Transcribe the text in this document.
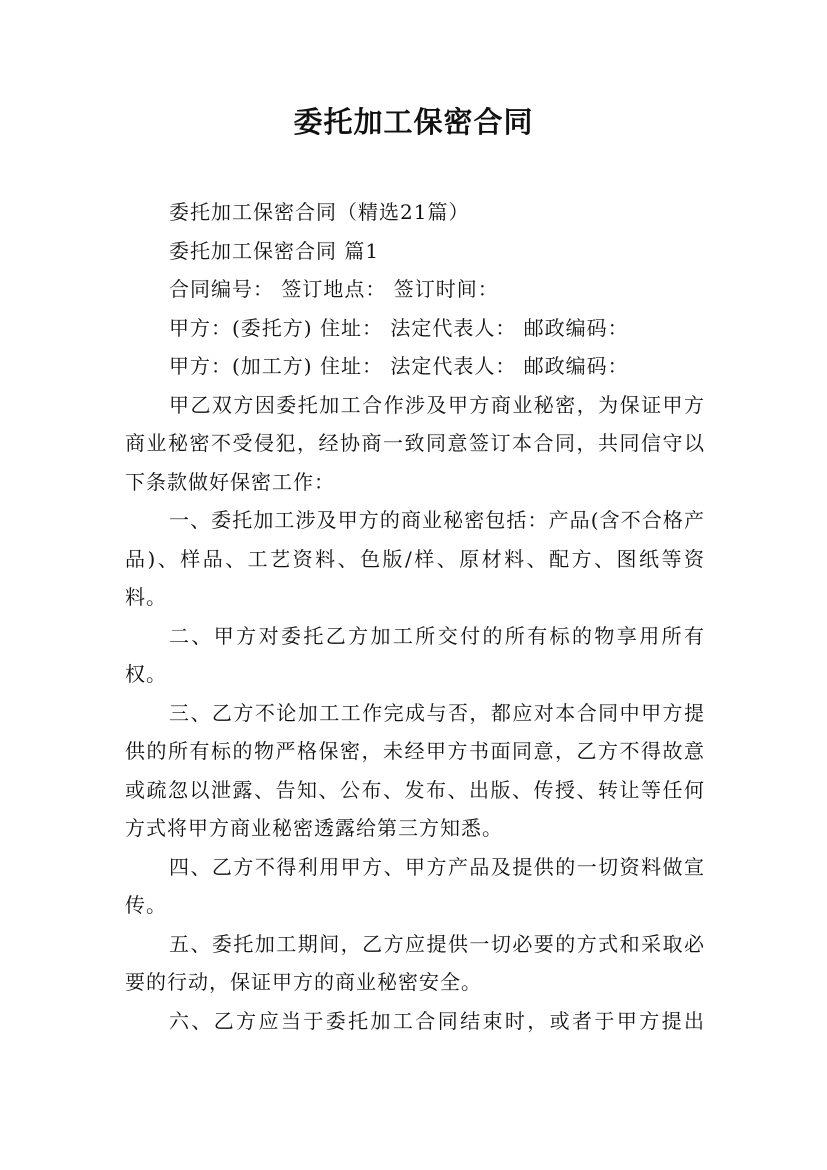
委托加工保密合同

委托加工保密合同（精选21篇）

委托加工保密合同 篇1

合同编号： 签订地点： 签订时间：

甲方：(委托方) 住址： 法定代表人： 邮政编码：

甲方：(加工方) 住址： 法定代表人： 邮政编码：

甲乙双方因委托加工合作涉及甲方商业秘密，为保证甲方商业秘密不受侵犯，经协商一致同意签订本合同，共同信守以下条款做好保密工作：

一、委托加工涉及甲方的商业秘密包括：产品(含不合格产品)、样品、工艺资料、色版/样、原材料、配方、图纸等资料。

二、甲方对委托乙方加工所交付的所有标的物享用所有权。

三、乙方不论加工工作完成与否，都应对本合同中甲方提供的所有标的物严格保密，未经甲方书面同意，乙方不得故意或疏忽以泄露、告知、公布、发布、出版、传授、转让等任何方式将甲方商业秘密透露给第三方知悉。

四、乙方不得利用甲方、甲方产品及提供的一切资料做宣传。

五、委托加工期间，乙方应提供一切必要的方式和采取必要的行动，保证甲方的商业秘密安全。

六、乙方应当于委托加工合同结束时，或者于甲方提出
